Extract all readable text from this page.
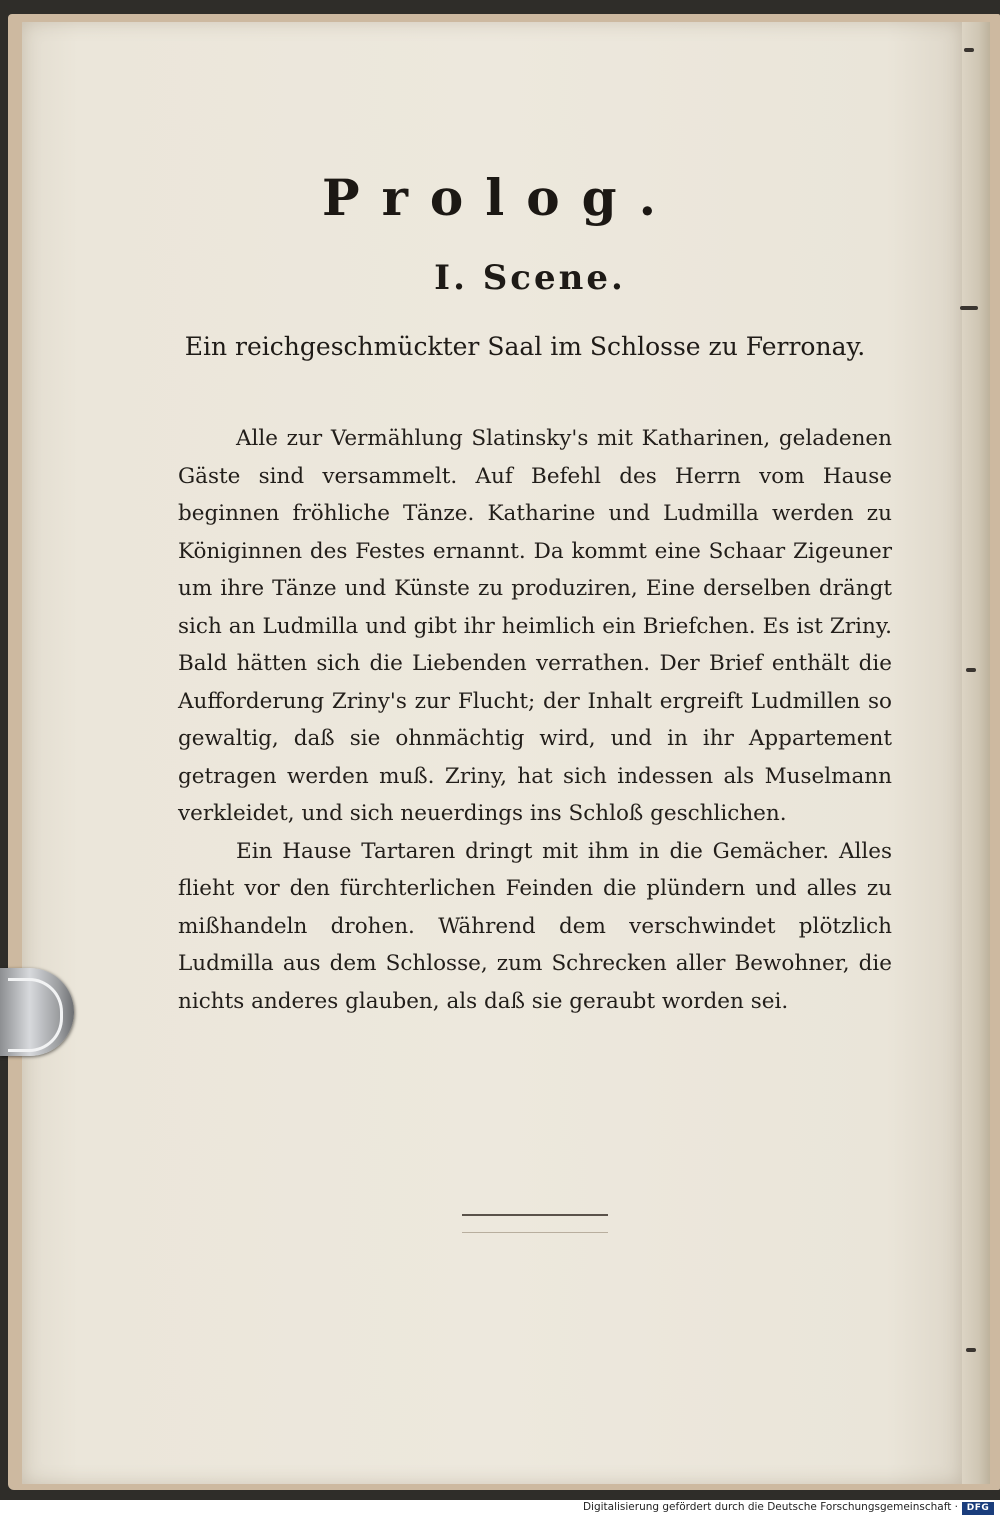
Prolog.
I. Scene.
Ein reichgeschmückter Saal im Schlosse zu Ferronay.

Alle zur Vermählung Slatinsky's mit Katharinen, geladenen Gäste sind versammelt. Auf Befehl des Herrn vom Hause beginnen fröhliche Tänze. Katharine und Ludmilla werden zu Königinnen des Festes ernannt. Da kommt eine Schaar Zigeuner um ihre Tänze und Künste zu produziren, Eine derselben drängt sich an Ludmilla und gibt ihr heimlich ein Briefchen. Es ist Zriny. Bald hätten sich die Liebenden verrathen. Der Brief enthält die Aufforderung Zriny's zur Flucht; der Inhalt ergreift Ludmillen so gewaltig, daß sie ohnmächtig wird, und in ihr Appartement getragen werden muß. Zriny, hat sich indessen als Muselmann verkleidet, und sich neuerdings ins Schloß geschlichen.

Ein Hause Tartaren dringt mit ihm in die Gemächer. Alles flieht vor den fürchterlichen Feinden die plündern und alles zu mißhandeln drohen. Während dem verschwindet plötzlich Ludmilla aus dem Schlosse, zum Schrecken aller Bewohner, die nichts anderes glauben, als daß sie geraubt worden sei.

Digitalisierung gefördert durch die Deutsche Forschungsgemeinschaft · DFG
